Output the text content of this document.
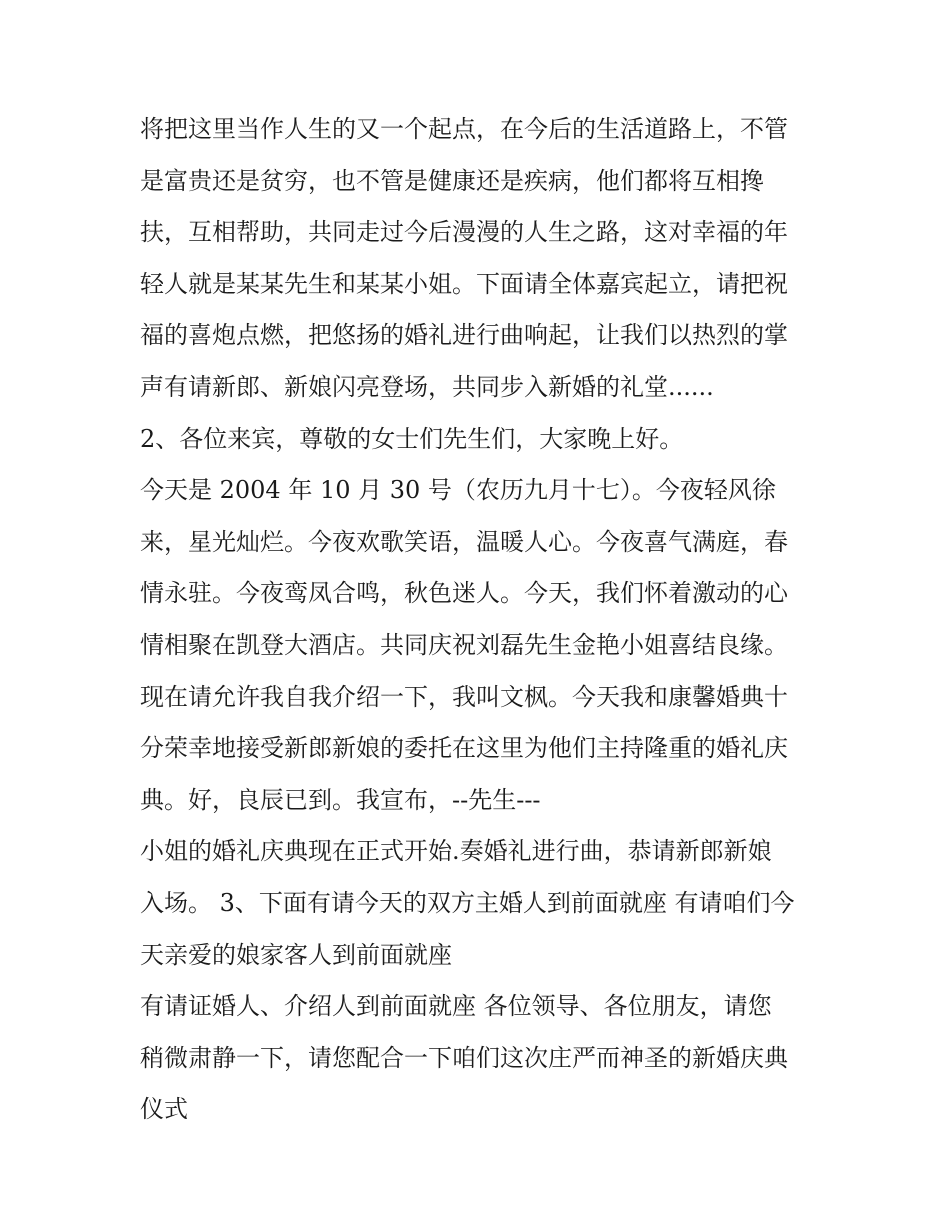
将把这里当作人生的又一个起点，在今后的生活道路上，不管
是富贵还是贫穷，也不管是健康还是疾病，他们都将互相搀
扶，互相帮助，共同走过今后漫漫的人生之路，这对幸福的年
轻人就是某某先生和某某小姐。下面请全体嘉宾起立，请把祝
福的喜炮点燃，把悠扬的婚礼进行曲响起，让我们以热烈的掌
声有请新郎、新娘闪亮登场，共同步入新婚的礼堂......
2、各位来宾，尊敬的女士们先生们，大家晚上好。
今天是 2004 年 10 月 30 号（农历九月十七）。今夜轻风徐
来，星光灿烂。今夜欢歌笑语，温暖人心。今夜喜气满庭，春
情永驻。今夜鸾凤合鸣，秋色迷人。今天，我们怀着激动的心
情相聚在凯登大酒店。共同庆祝刘磊先生金艳小姐喜结良缘。
现在请允许我自我介绍一下，我叫文枫。今天我和康馨婚典十
分荣幸地接受新郎新娘的委托在这里为他们主持隆重的婚礼庆
典。好，良辰已到。我宣布，--先生---
小姐的婚礼庆典现在正式开始.奏婚礼进行曲，恭请新郎新娘
入场。 3、下面有请今天的双方主婚人到前面就座 有请咱们今
天亲爱的娘家客人到前面就座
有请证婚人、介绍人到前面就座 各位领导、各位朋友，请您
稍微肃静一下，请您配合一下咱们这次庄严而神圣的新婚庆典
仪式
